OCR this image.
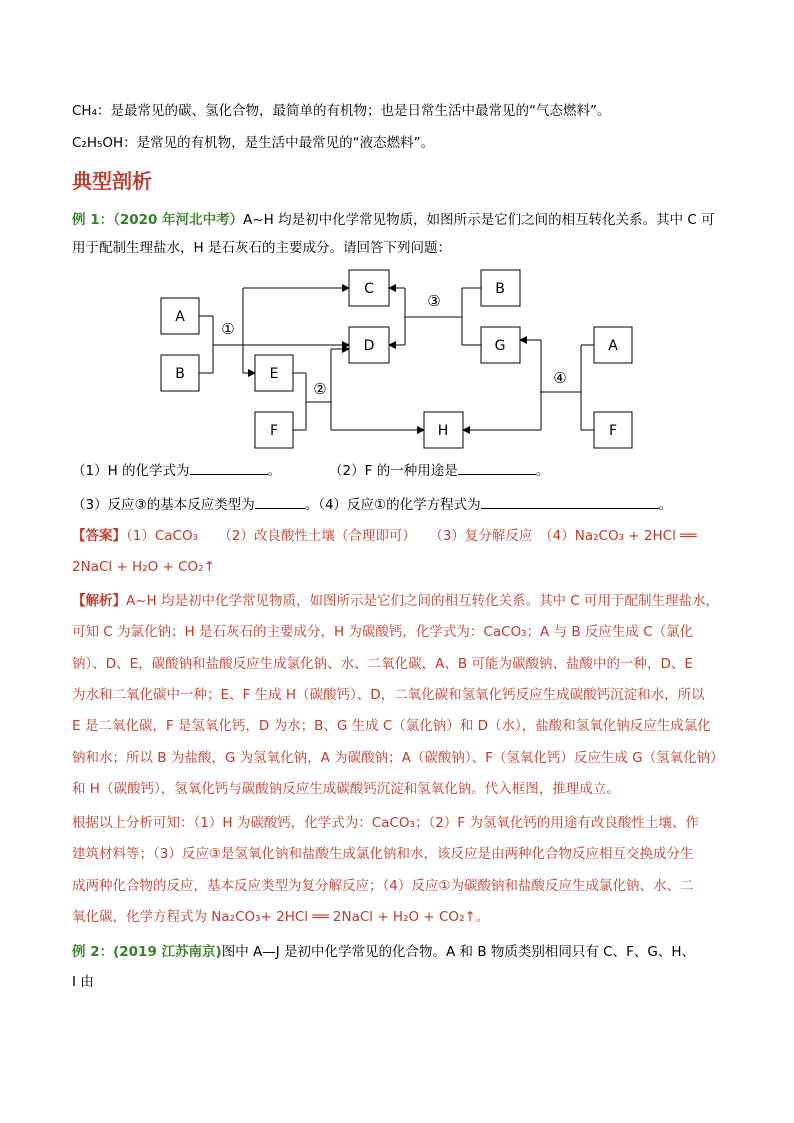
CH₄：是最常见的碳、氢化合物，最简单的有机物；也是日常生活中最常见的“气态燃料”。
C₂H₅OH：是常见的有机物，是生活中最常见的“液态燃料”。
典型剖析
例 1：（2020 年河北中考）A~H 均是初中化学常见物质，如图所示是它们之间的相互转化关系。其中 C 可
用于配制生理盐水，H 是石灰石的主要成分。请回答下列问题：
A
B
C
D
E
F	H
B
G	A
F
①
②
③
④
（1）H 的化学式为	。	（2）F 的一种用途是	。
（3）反应③的基本反应类型为	。（4）反应①的化学方程式为	。
【答案】（1）CaCO₃　　（2）改良酸性土壤（合理即可）　　（3）复分解反应　（4）Na₂CO₃ + 2HCl ══
2NaCl + H₂O + CO₂↑
【解析】A~H 均是初中化学常见物质，如图所示是它们之间的相互转化关系。其中 C 可用于配制生理盐水，
可知 C 为氯化钠；H 是石灰石的主要成分，H 为碳酸钙，化学式为：CaCO₃；A 与 B 反应生成 C（氯化
钠）、D、E，碳酸钠和盐酸反应生成氯化钠、水、二氧化碳，A、B 可能为碳酸钠、盐酸中的一种，D、E
为水和二氧化碳中一种；E、F 生成 H（碳酸钙）、D，二氧化碳和氢氧化钙反应生成碳酸钙沉淀和水，所以
E 是二氧化碳，F 是氢氧化钙，D 为水；B、G 生成 C（氯化钠）和 D（水），盐酸和氢氧化钠反应生成氯化
钠和水；所以 B 为盐酸，G 为氢氧化钠，A 为碳酸钠；A（碳酸钠）、F（氢氧化钙）反应生成 G（氢氧化钠）
和 H（碳酸钙），氢氧化钙与碳酸钠反应生成碳酸钙沉淀和氢氧化钠。代入框图，推理成立。
根据以上分析可知：（1）H 为碳酸钙，化学式为：CaCO₃；（2）F 为氢氧化钙的用途有改良酸性土壤、作
建筑材料等；（3）反应③是氢氧化钠和盐酸生成氯化钠和水，该反应是由两种化合物反应相互交换成分生
成两种化合物的反应，基本反应类型为复分解反应；（4）反应①为碳酸钠和盐酸反应生成氯化钠、水、二
氧化碳，化学方程式为 Na₂CO₃+ 2HCl ══ 2NaCl + H₂O + CO₂↑。
例 2：(2019 江苏南京)图中 A—J 是初中化学常见的化合物。A 和 B 物质类别相同只有 C、F、G、H、
I 由
